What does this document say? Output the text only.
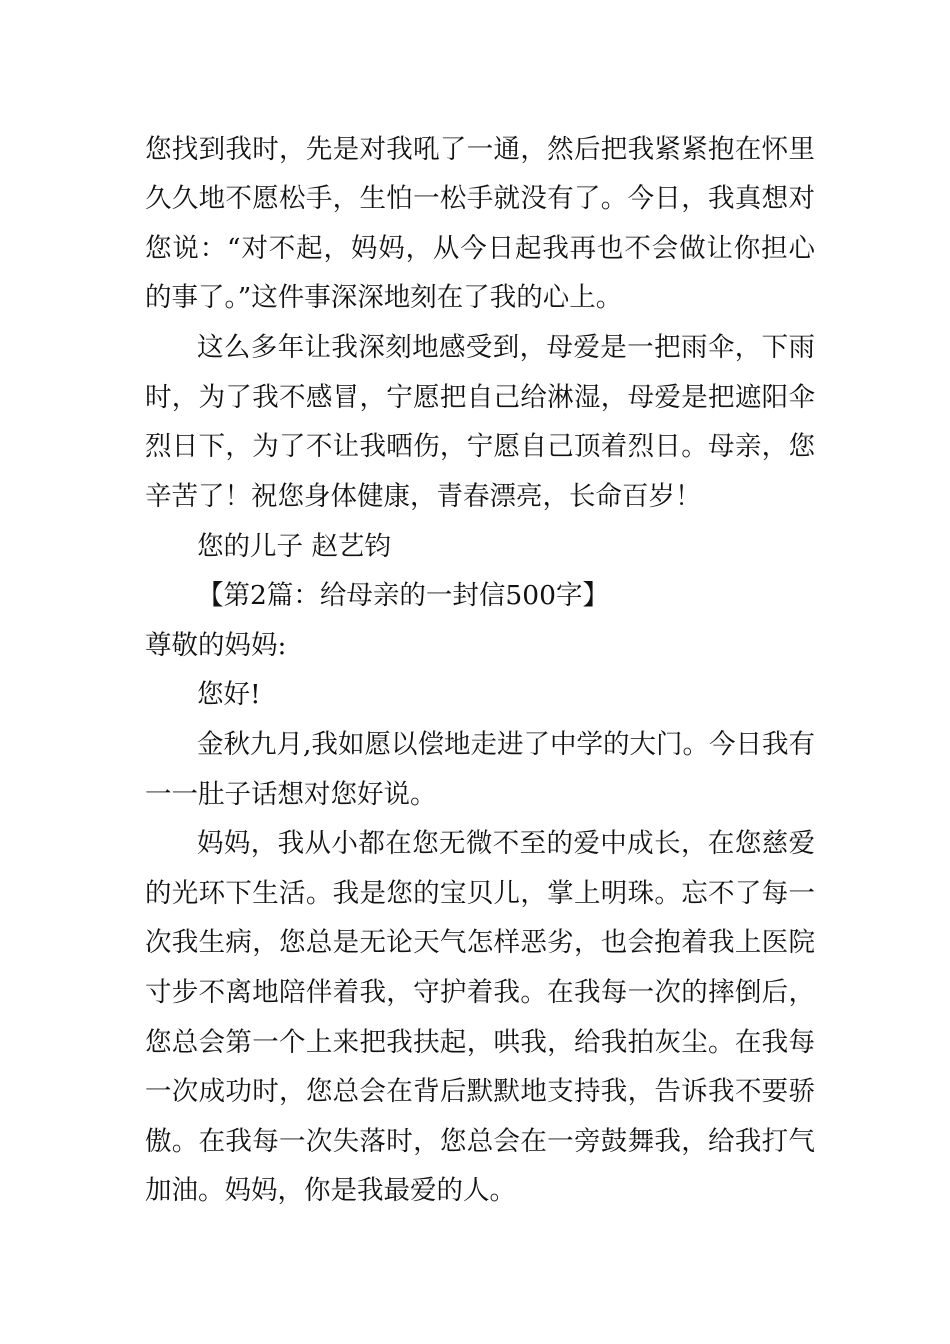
您找到我时，先是对我吼了一通，然后把我紧紧抱在怀里
久久地不愿松手，生怕一松手就没有了。今日，我真想对
您说：“对不起，妈妈，从今日起我再也不会做让你担心
的事了。”这件事深深地刻在了我的心上。
这么多年让我深刻地感受到，母爱是一把雨伞，下雨
时，为了我不感冒，宁愿把自己给淋湿，母爱是把遮阳伞
烈日下，为了不让我晒伤，宁愿自己顶着烈日。母亲，您
辛苦了！祝您身体健康，青春漂亮，长命百岁！
您的儿子 赵艺钧
【第2篇：给母亲的一封信500字】
尊敬的妈妈:
您好!
金秋九月,我如愿以偿地走进了中学的大门。今日我有
一一肚子话想对您好说。
妈妈，我从小都在您无微不至的爱中成长，在您慈爱
的光环下生活。我是您的宝贝儿，掌上明珠。忘不了每一
次我生病，您总是无论天气怎样恶劣，也会抱着我上医院
寸步不离地陪伴着我，守护着我。在我每一次的摔倒后，
您总会第一个上来把我扶起，哄我，给我拍灰尘。在我每
一次成功时，您总会在背后默默地支持我，告诉我不要骄
傲。在我每一次失落时，您总会在一旁鼓舞我，给我打气
加油。妈妈，你是我最爱的人。
